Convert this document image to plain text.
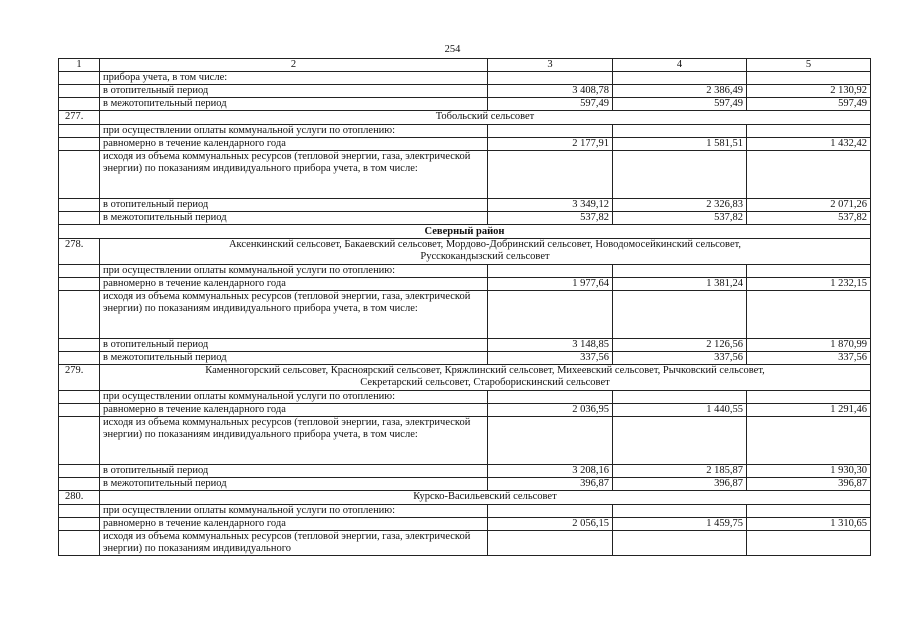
254
1	2	3	4	5
	прибора учета, в том числе:			
	в отопительный период	3 408,78	2 386,49	2 130,92
	в межотопительный период	597,49	597,49	597,49
277.	Тобольский сельсовет			
	при осуществлении оплаты коммунальной услуги по отоплению:			
	равномерно в течение календарного года	2 177,91	1 581,51	1 432,42
	исходя из объема коммунальных ресурсов (тепловой энергии, газа, электрической энергии) по показаниям индивидуального прибора учета, в том числе:			
	в отопительный период	3 349,12	2 326,83	2 071,26
	в межотопительный период	537,82	537,82	537,82
Северный район				
278.	Аксенкинский сельсовет, Бакаевский сельсовет, Мордово-Добринский сельсовет, Новодомосейкинский сельсовет, Русскокандызский сельсовет			
	при осуществлении оплаты коммунальной услуги по отоплению:			
	равномерно в течение календарного года	1 977,64	1 381,24	1 232,15
	исходя из объема коммунальных ресурсов (тепловой энергии, газа, электрической энергии) по показаниям индивидуального прибора учета, в том числе:			
	в отопительный период	3 148,85	2 126,56	1 870,99
	в межотопительный период	337,56	337,56	337,56
279.	Каменногорский сельсовет, Красноярский сельсовет, Кряжлинский сельсовет, Михеевский сельсовет, Рычковский сельсовет, Секретарский сельсовет, Староборискинский сельсовет			
	при осуществлении оплаты коммунальной услуги по отоплению:			
	равномерно в течение календарного года	2 036,95	1 440,55	1 291,46
	исходя из объема коммунальных ресурсов (тепловой энергии, газа, электрической энергии) по показаниям индивидуального прибора учета, в том числе:			
	в отопительный период	3 208,16	2 185,87	1 930,30
	в межотопительный период	396,87	396,87	396,87
280.	Курско-Васильевский сельсовет			
	при осуществлении оплаты коммунальной услуги по отоплению:			
	равномерно в течение календарного года	2 056,15	1 459,75	1 310,65
	исходя из объема коммунальных ресурсов (тепловой энергии, газа, электрической энергии) по показаниям индивидуального			
